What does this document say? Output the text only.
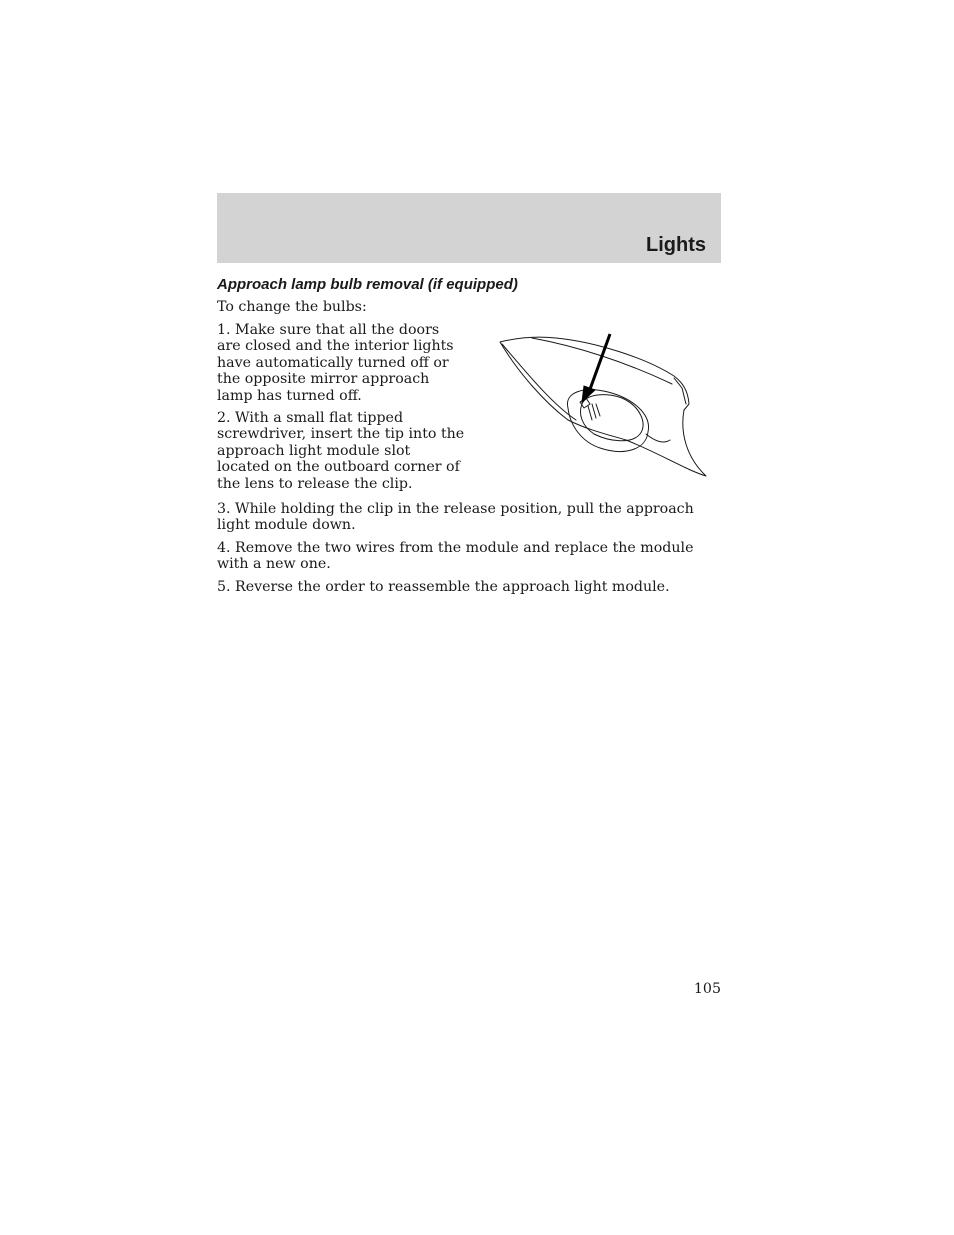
Lights
Approach lamp bulb removal (if equipped)

To change the bulbs:

1. Make sure that all the doors are closed and the interior lights have automatically turned off or the opposite mirror approach lamp has turned off.

2. With a small flat tipped screwdriver, insert the tip into the approach light module slot located on the outboard corner of the lens to release the clip.

3. While holding the clip in the release position, pull the approach light module down.

4. Remove the two wires from the module and replace the module with a new one.

5. Reverse the order to reassemble the approach light module.

105
